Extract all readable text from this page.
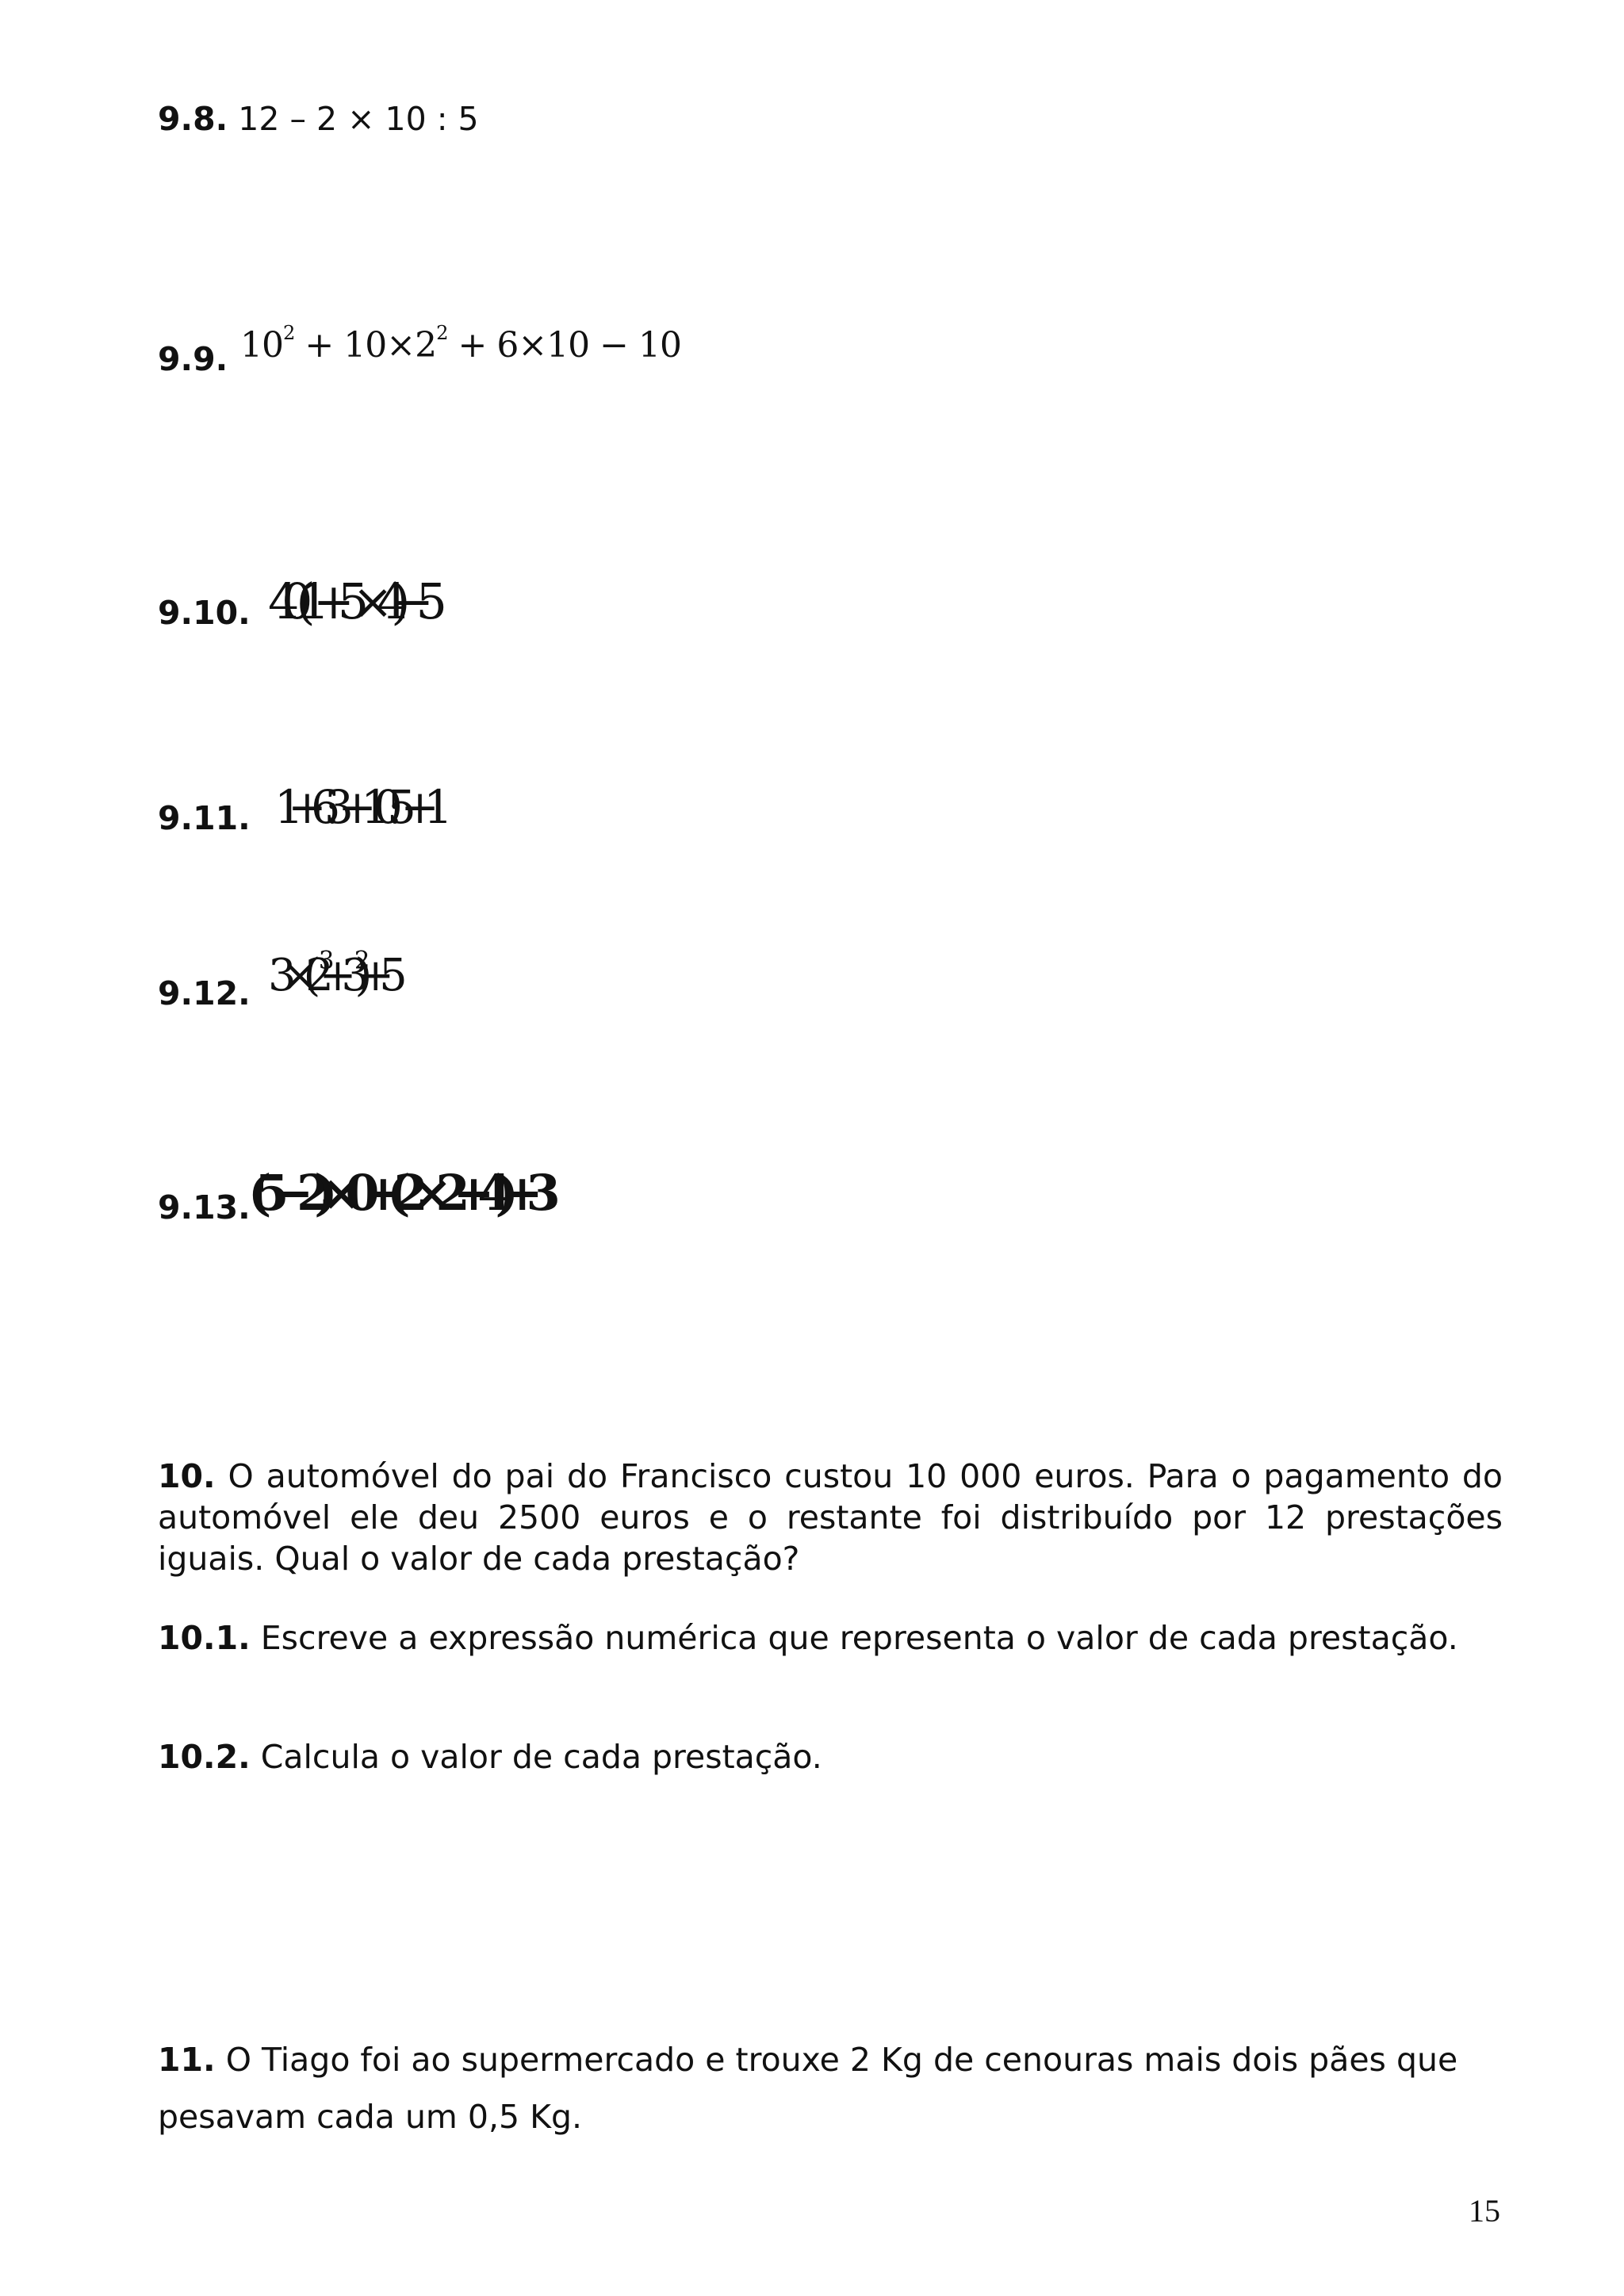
9.8. 12 – 2 × 10 : 5
9.9. $10^2 + 10\times 2^2 + 6\times 10 - 10$
9.10. 4 0(1+5×4) − 5
9.11. 1+6:3+1 0:5+1
9.12. $3\times(2^3+3^2)+5$
9.13.
(5−2)×0+(2×2+4)+3
10. O automóvel do pai do Francisco custou 10 000 euros. Para o pagamento do automóvel ele deu 2500 euros e o restante foi distribuído por 12 prestações iguais. Qual o valor de cada prestação?
10.1. Escreve a expressão numérica que representa o valor de cada prestação.
10.2. Calcula o valor de cada prestação.
11. O Tiago foi ao supermercado e trouxe 2 Kg de cenouras mais dois pães que
pesavam cada um 0,5 Kg.
15
